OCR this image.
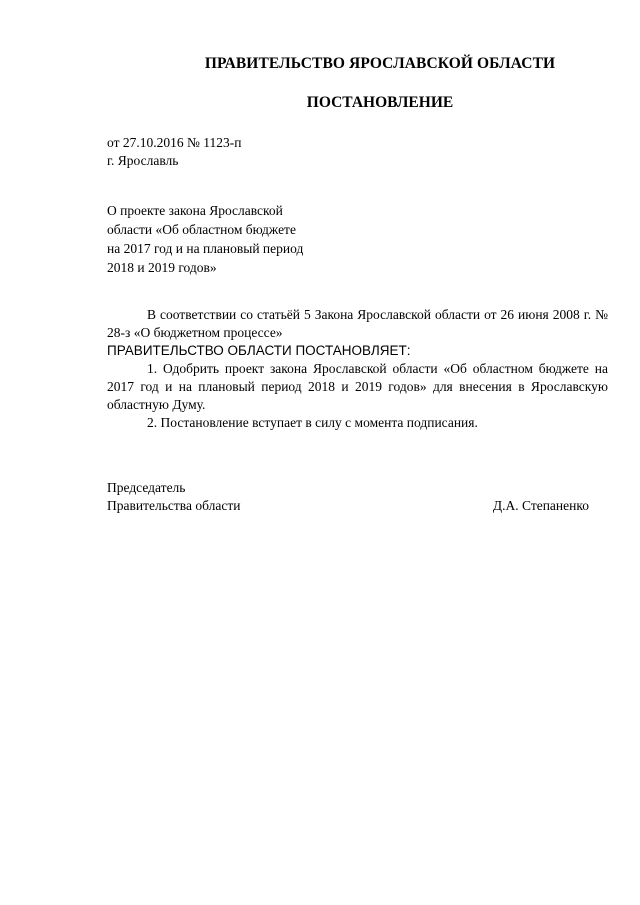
ПРАВИТЕЛЬСТВО ЯРОСЛАВСКОЙ ОБЛАСТИ
ПОСТАНОВЛЕНИЕ
от 27.10.2016 № 1123-п
г. Ярославль
О проекте закона Ярославской
области «Об областном бюджете
на 2017 год и на плановый период
2018 и 2019 годов»

В соответствии со статьёй 5 Закона Ярославской области от 26 июня 2008 г. № 28-з «О бюджетном процессе»

ПРАВИТЕЛЬСТВО ОБЛАСТИ ПОСТАНОВЛЯЕТ:

1. Одобрить проект закона Ярославской области «Об областном бюджете на 2017 год и на плановый период 2018 и 2019 годов» для внесения в Ярославскую областную Думу.

2. Постановление вступает в силу с момента подписания.

Председатель
Правительства области	Д.А. Степаненко
